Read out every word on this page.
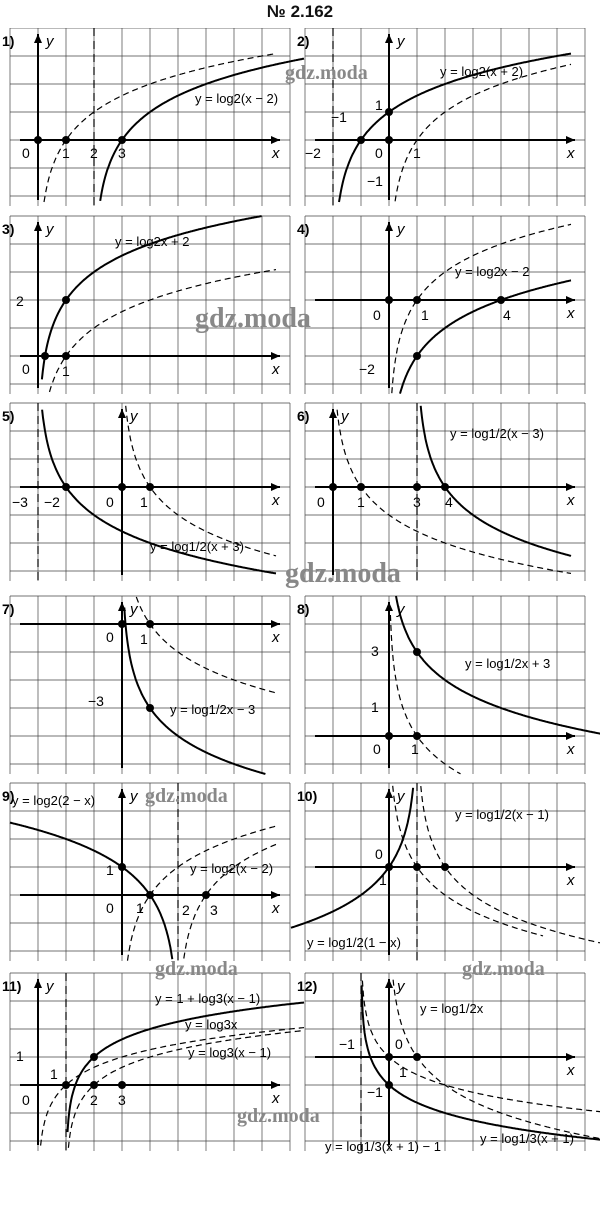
№ 2.162
1)	2)
3)	4)
5)	6)
7)	8)
9)	10)
11)	12)
x
y
0 1 2 3
y = log2(x − 2)
x
y
−2
−1
0 1
1
−1
y = log2(x + 2)
x
y
0 1
2
y = log2x + 2
x
y
0	1	4
−2
y = log2x − 2
x
y
−3 −2	0 1
y = log1/2(x + 3)
x
y
0 1	3 4
y = log1/2(x − 3)
x
y
0 1
−3
y = log1/2x − 3
x
y
0 1
1
3
y = log1/2x + 3
x
y
0 1	2 3
1	y = log2(x − 2)
y = log2(2 − x)
x
y
0
1
y = log1/2(x − 1)
y = log1/2(1 − x)
x
y
0
1
2 3
1
y = 1 + log3(x − 1)
y = log3x
y = log3(x − 1)
x
y
−1	0
1
−1
y = log1/2x
y = log1/3(x + 1) − 1
y = log1/3(x + 1)
gdz.moda
gdz.moda
gdz.moda
gdz.moda
gdz.moda	gdz.moda
gdz.moda
